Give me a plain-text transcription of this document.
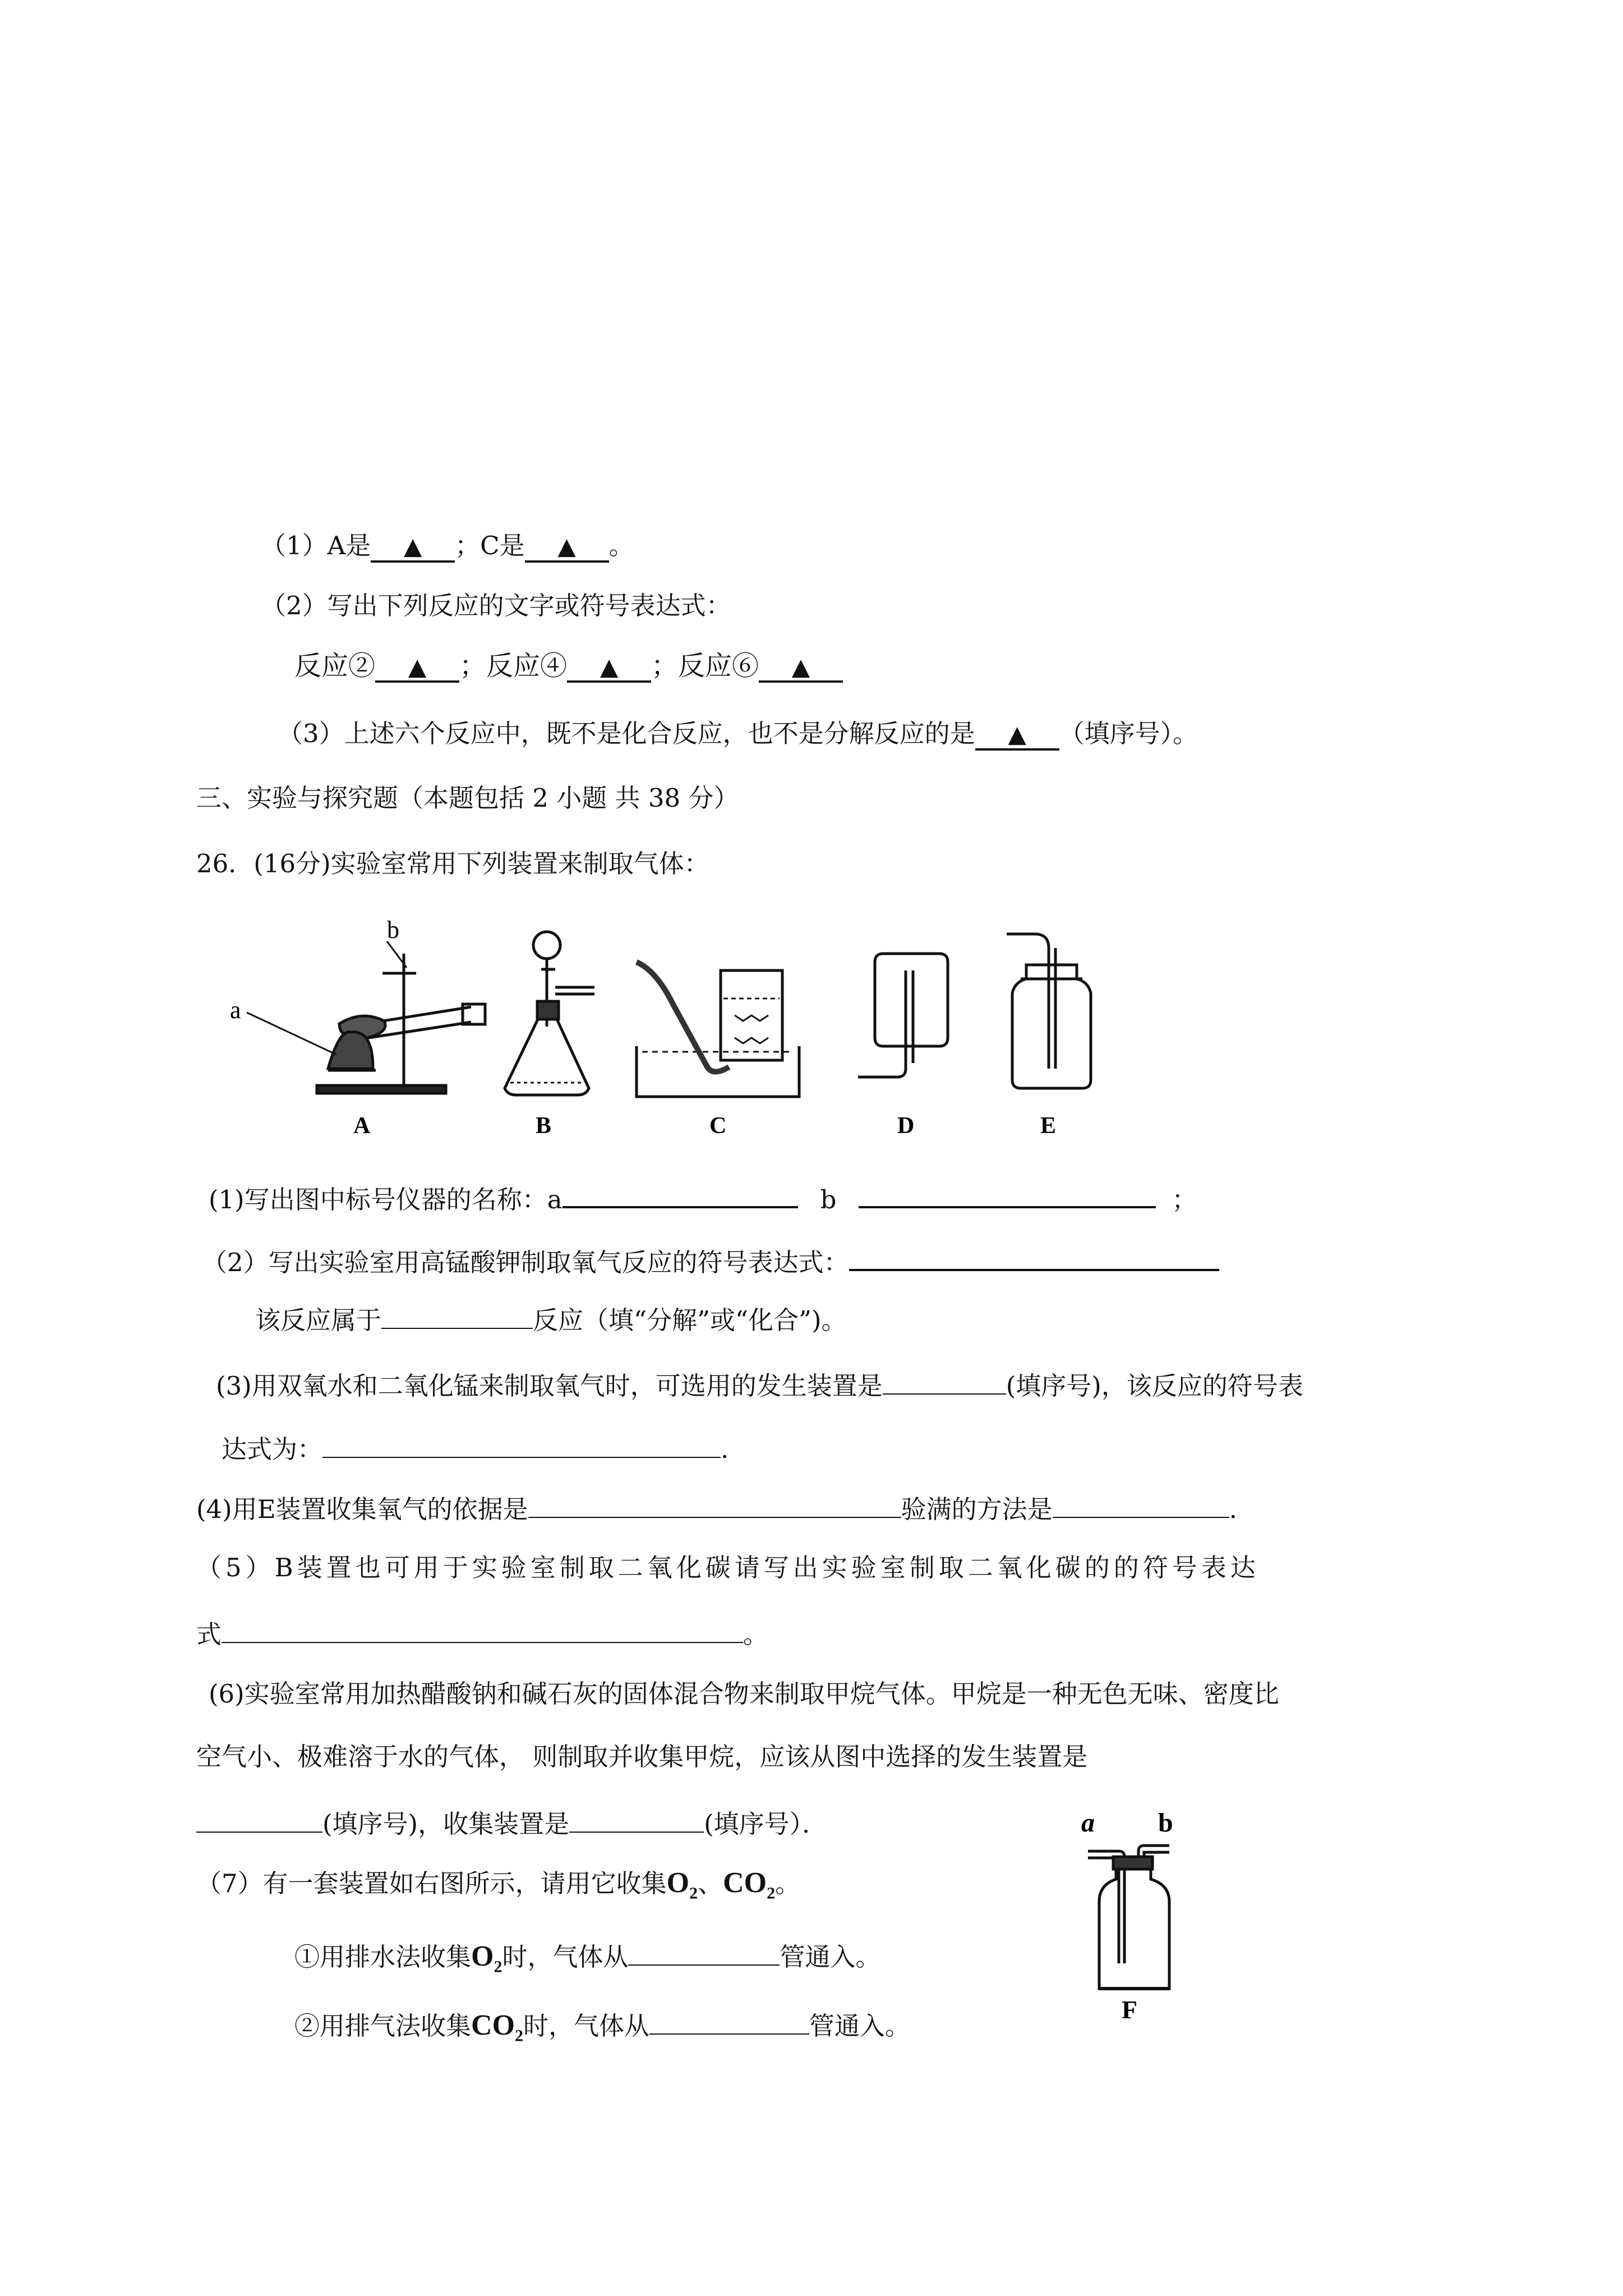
（1）A是 ▲ ；C是 ▲ 。
（2）写出下列反应的文字或符号表达式：
反应② ▲ ；反应④ ▲ ；反应⑥ ▲
（3）上述六个反应中，既不是化合反应，也不是分解反应的是 ▲ （填序号）。
三、实验与探究题（本题包括 2 小题 共 38 分）
26．(16分)实验室常用下列装置来制取气体：
a
b
A	B	C	D	E
(1)写出图中标号仪器的名称：a	b	；
（2）写出实验室用高锰酸钾制取氧气反应的符号表达式：
该反应属于	反应（填“分解”或“化合”)。
(3)用双氧水和二氧化锰来制取氧气时，可选用的发生装置是	(填序号)，该反应的符号表
达式为：	.
(4)用E装置收集氧气的依据是	验满的方法是	.
（5）B装置也可用于实验室制取二氧化碳请写出实验室制取二氧化碳的的符号表达
式	。
(6)实验室常用加热醋酸钠和碱石灰的固体混合物来制取甲烷气体。甲烷是一种无色无味、密度比
空气小、极难溶于水的气体， 则制取并收集甲烷，应该从图中选择的发生装置是
(填序号)，收集装置是	(填序号）．	a b
F
（7）有一套装置如右图所示，请用它收集$O_2$、$CO_2$。
①用排水法收集$O_2$时，气体从	管通入。
②用排气法收集$CO_2$时，气体从	管通入。
